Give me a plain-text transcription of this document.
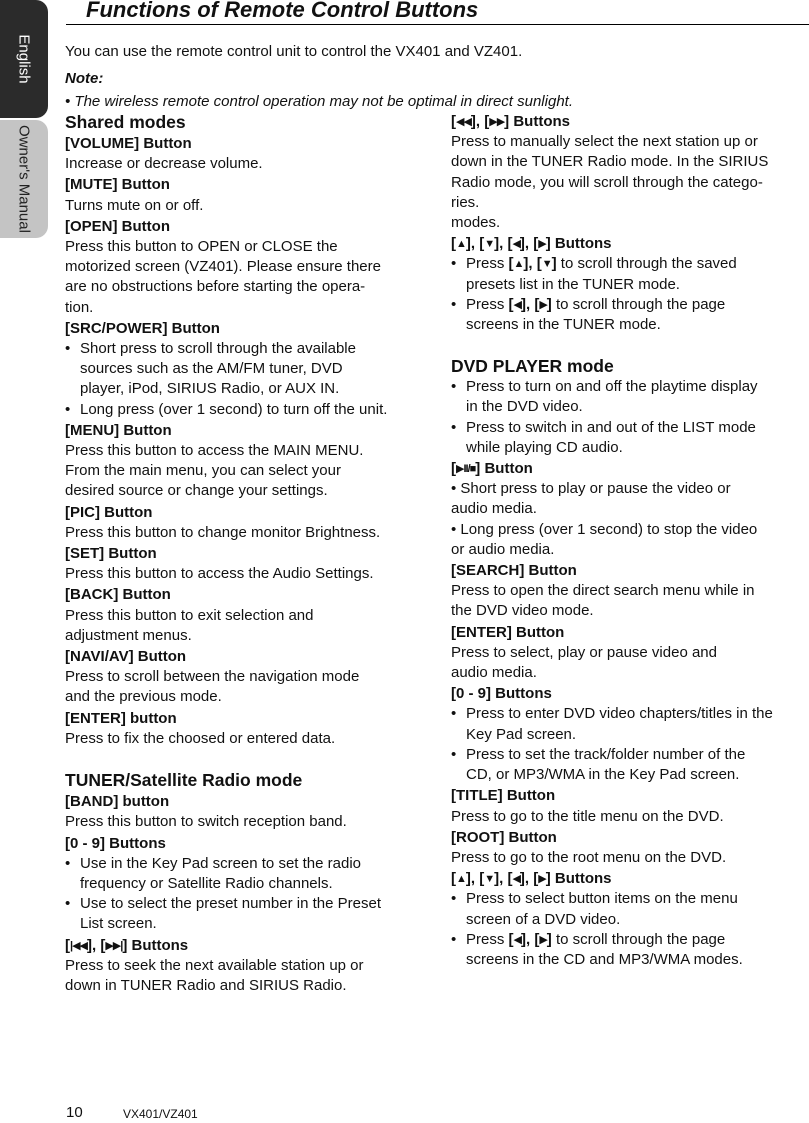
English
Owner's Manual
Functions of Remote Control Buttons
You can use the remote control unit to control the VX401 and VZ401.
Note:
• The wireless remote control operation may not be optimal in direct sunlight.
Shared modes
[VOLUME] Button
Increase or decrease volume.
[MUTE] Button
Turns mute on or off.
[OPEN] Button
Press this button to OPEN or CLOSE the
motorized screen (VZ401). Please ensure there
are no obstructions before starting the opera-
tion.
[SRC/POWER] Button
• Short press to scroll through the available
sources such as the AM/FM tuner, DVD
player, iPod, SIRIUS Radio, or AUX IN.
• Long press (over 1 second) to turn off the unit.
[MENU] Button
Press this button to access the MAIN MENU.
From the main menu, you can select your
desired source or change your settings.
[PIC] Button
Press this button to change monitor Brightness.
[SET] Button
Press this button to access the Audio Settings.
[BACK] Button
Press this button to exit selection and
adjustment menus.
[NAVI/AV] Button
Press to scroll between the navigation mode
and the previous mode.
[ENTER] button
Press to fix the choosed or entered data.
TUNER/Satellite Radio mode
[BAND] button
Press this button to switch reception band.
[0 - 9] Buttons
• Use in the Key Pad screen to set the radio
frequency or Satellite Radio channels.
• Use to select the preset number in the Preset
List screen.
[|◀◀], [▶▶|] Buttons
Press to seek the next available station up or
down in TUNER Radio and SIRIUS Radio.
[◀◀], [▶▶] Buttons
Press to manually select the next station up or
down in the TUNER Radio mode. In the SIRIUS
Radio mode, you will scroll through the catego-
ries.
modes.
[▲], [▼], [◀], [▶] Buttons
• Press [▲], [▼] to scroll through the saved
presets list in the TUNER mode.
• Press [◀], [▶] to scroll through the page
screens in the TUNER mode.
DVD PLAYER mode
• Press to turn on and off the playtime display
in the DVD video.
• Press to switch in and out of the LIST mode
while playing CD audio.
[▶II/■] Button
• Short press to play or pause the video or
audio media.
• Long press (over 1 second) to stop the video
or audio media.
[SEARCH] Button
Press to open the direct search menu while in
the DVD video mode.
[ENTER] Button
Press to select, play or pause video and
audio media.
[0 - 9] Buttons
• Press to enter DVD video chapters/titles in the
Key Pad screen.
• Press to set the track/folder number of the
CD, or MP3/WMA in the Key Pad screen.
[TITLE] Button
Press to go to the title menu on the DVD.
[ROOT] Button
Press to go to the root menu on the DVD.
[▲], [▼], [◀], [▶] Buttons
• Press to select button items on the menu
screen of a DVD video.
• Press [◀], [▶] to scroll through the page
screens in the CD and MP3/WMA modes.
10	VX401/VZ401
